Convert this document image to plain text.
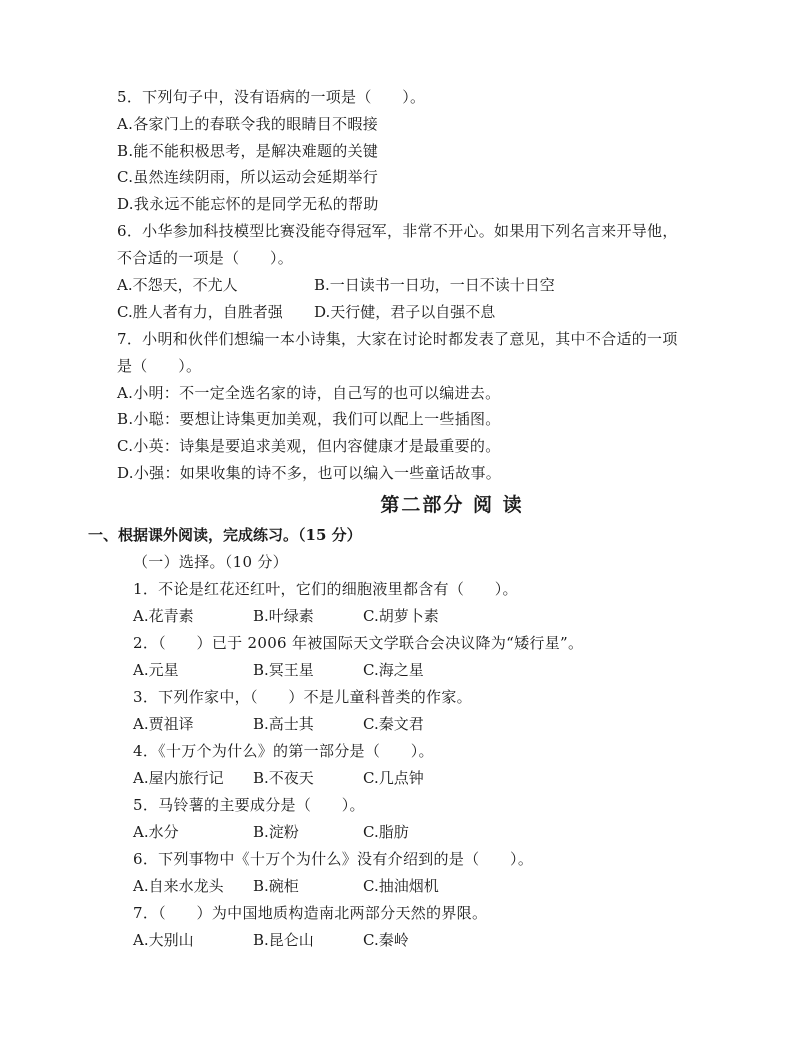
5．下列句子中，没有语病的一项是（　　）。
A.各家门上的春联令我的眼睛目不暇接
B.能不能积极思考，是解决难题的关键
C.虽然连续阴雨，所以运动会延期举行
D.我永远不能忘怀的是同学无私的帮助
6．小华参加科技模型比赛没能夺得冠军，非常不开心。如果用下列名言来开导他，
不合适的一项是（　　）。
A.不怨天，不尤人	B.一日读书一日功，一日不读十日空
C.胜人者有力，自胜者强 D.天行健，君子以自强不息
7．小明和伙伴们想编一本小诗集，大家在讨论时都发表了意见，其中不合适的一项
是（　　）。
A.小明：不一定全选名家的诗，自己写的也可以编进去。
B.小聪：要想让诗集更加美观，我们可以配上一些插图。
C.小英：诗集是要追求美观，但内容健康才是最重要的。
D.小强：如果收集的诗不多，也可以编入一些童话故事。
第二部分 阅 读
一、根据课外阅读，完成练习。（15 分）
（一）选择。（10 分）
1．不论是红花还红叶，它们的细胞液里都含有（　　）。
A.花青素	B.叶绿素	C.胡萝卜素
2．（　　）已于 2006 年被国际天文学联合会决议降为“矮行星”。
A.元星	B.冥王星	C.海之星
3．下列作家中，（　　）不是儿童科普类的作家。
A.贾祖译	B.高士其	C.秦文君
4．《十万个为什么》的第一部分是（　　）。
A.屋内旅行记 B.不夜天	C.几点钟
5．马铃薯的主要成分是（　　）。
A.水分	B.淀粉	C.脂肪
6．下列事物中《十万个为什么》没有介绍到的是（　　）。
A.自来水龙头 B.碗柜	C.抽油烟机
7．（　　）为中国地质构造南北两部分天然的界限。
A.大别山	B.昆仑山	C.秦岭
